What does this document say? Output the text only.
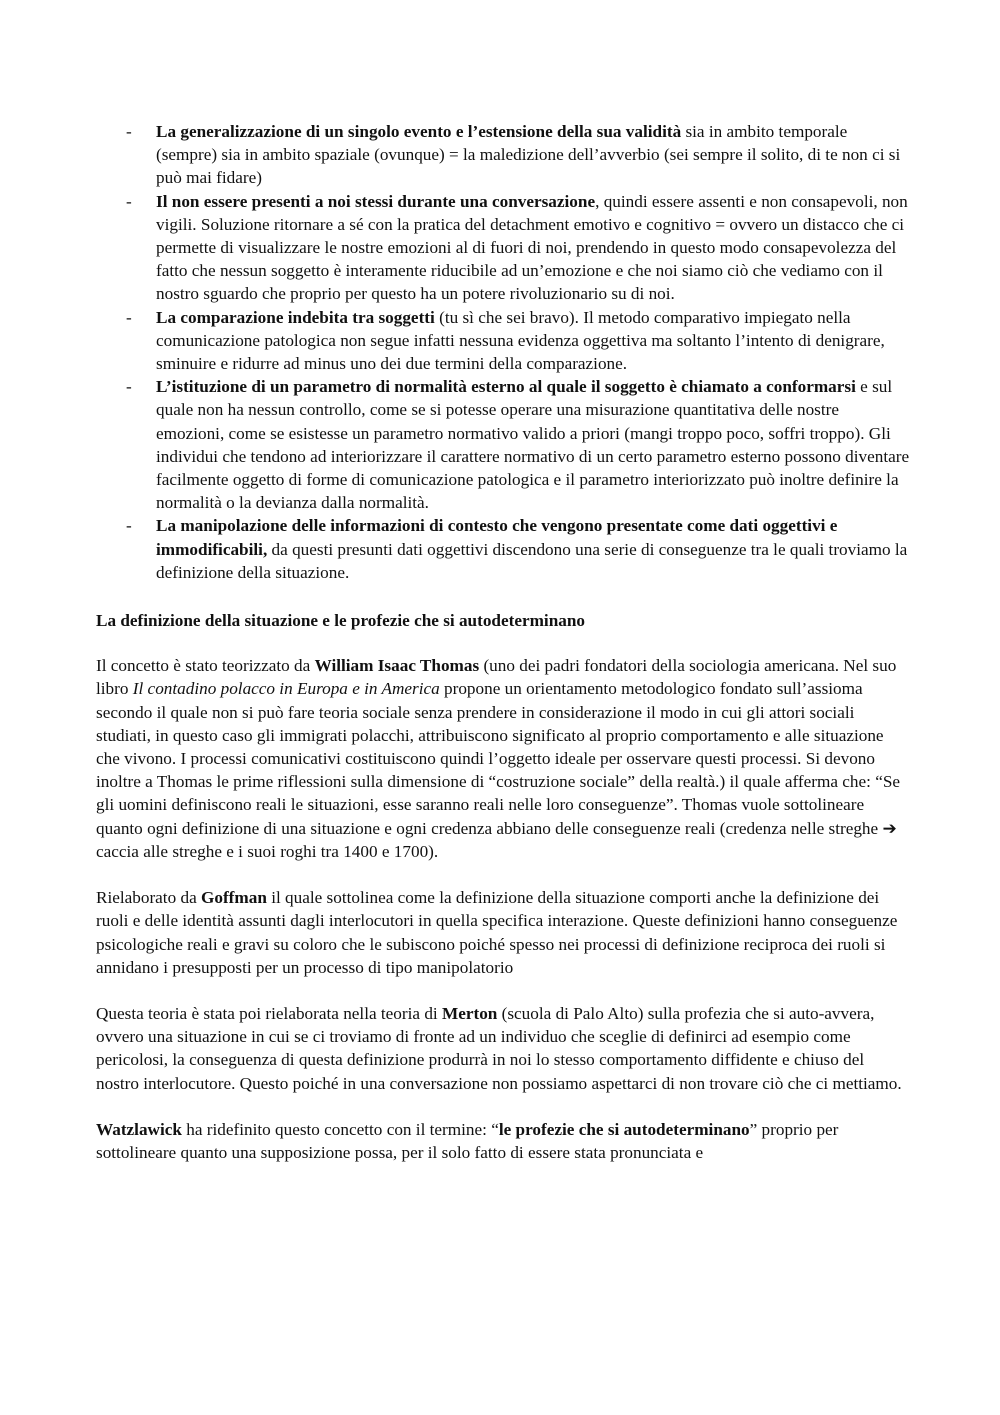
- La generalizzazione di un singolo evento e l’estensione della sua validità sia in ambito temporale (sempre) sia in ambito spaziale (ovunque) = la maledizione dell’avverbio (sei sempre il solito, di te non ci si può mai fidare)
- Il non essere presenti a noi stessi durante una conversazione, quindi essere assenti e non consapevoli, non vigili. Soluzione ritornare a sé con la pratica del detachment emotivo e cognitivo = ovvero un distacco che ci permette di visualizzare le nostre emozioni al di fuori di noi, prendendo in questo modo consapevolezza del fatto che nessun soggetto è interamente riducibile ad un’emozione e che noi siamo ciò che vediamo con il nostro sguardo che proprio per questo ha un potere rivoluzionario su di noi.
- La comparazione indebita tra soggetti (tu sì che sei bravo). Il metodo comparativo impiegato nella comunicazione patologica non segue infatti nessuna evidenza oggettiva ma soltanto l’intento di denigrare, sminuire e ridurre ad minus uno dei due termini della comparazione.
- L’istituzione di un parametro di normalità esterno al quale il soggetto è chiamato a conformarsi e sul quale non ha nessun controllo, come se si potesse operare una misurazione quantitativa delle nostre emozioni, come se esistesse un parametro normativo valido a priori (mangi troppo poco, soffri troppo). Gli individui che tendono ad interiorizzare il carattere normativo di un certo parametro esterno possono diventare facilmente oggetto di forme di comunicazione patologica e il parametro interiorizzato può inoltre definire la normalità o la devianza dalla normalità.
- La manipolazione delle informazioni di contesto che vengono presentate come dati oggettivi e immodificabili, da questi presunti dati oggettivi discendono una serie di conseguenze tra le quali troviamo la definizione della situazione.
La definizione della situazione e le profezie che si autodeterminano

Il concetto è stato teorizzato da William Isaac Thomas (uno dei padri fondatori della sociologia americana. Nel suo libro Il contadino polacco in Europa e in America propone un orientamento metodologico fondato sull’assioma secondo il quale non si può fare teoria sociale senza prendere in considerazione il modo in cui gli attori sociali studiati, in questo caso gli immigrati polacchi, attribuiscono significato al proprio comportamento e alle situazione che vivono. I processi comunicativi costituiscono quindi l’oggetto ideale per osservare questi processi. Si devono inoltre a Thomas le prime riflessioni sulla dimensione di “costruzione sociale” della realtà.) il quale afferma che: “Se gli uomini definiscono reali le situazioni, esse saranno reali nelle loro conseguenze”. Thomas vuole sottolineare quanto ogni definizione di una situazione e ogni credenza abbiano delle conseguenze reali (credenza nelle streghe ➔ caccia alle streghe e i suoi roghi tra 1400 e 1700).

Rielaborato da Goffman il quale sottolinea come la definizione della situazione comporti anche la definizione dei ruoli e delle identità assunti dagli interlocutori in quella specifica interazione. Queste definizioni hanno conseguenze psicologiche reali e gravi su coloro che le subiscono poiché spesso nei processi di definizione reciproca dei ruoli si annidano i presupposti per un processo di tipo manipolatorio

Questa teoria è stata poi rielaborata nella teoria di Merton (scuola di Palo Alto) sulla profezia che si auto-avvera, ovvero una situazione in cui se ci troviamo di fronte ad un individuo che sceglie di definirci ad esempio come pericolosi, la conseguenza di questa definizione produrrà in noi lo stesso comportamento diffidente e chiuso del nostro interlocutore. Questo poiché in una conversazione non possiamo aspettarci di non trovare ciò che ci mettiamo.

Watzlawick ha ridefinito questo concetto con il termine: “le profezie che si autodeterminano” proprio per sottolineare quanto una supposizione possa, per il solo fatto di essere stata pronunciata e
